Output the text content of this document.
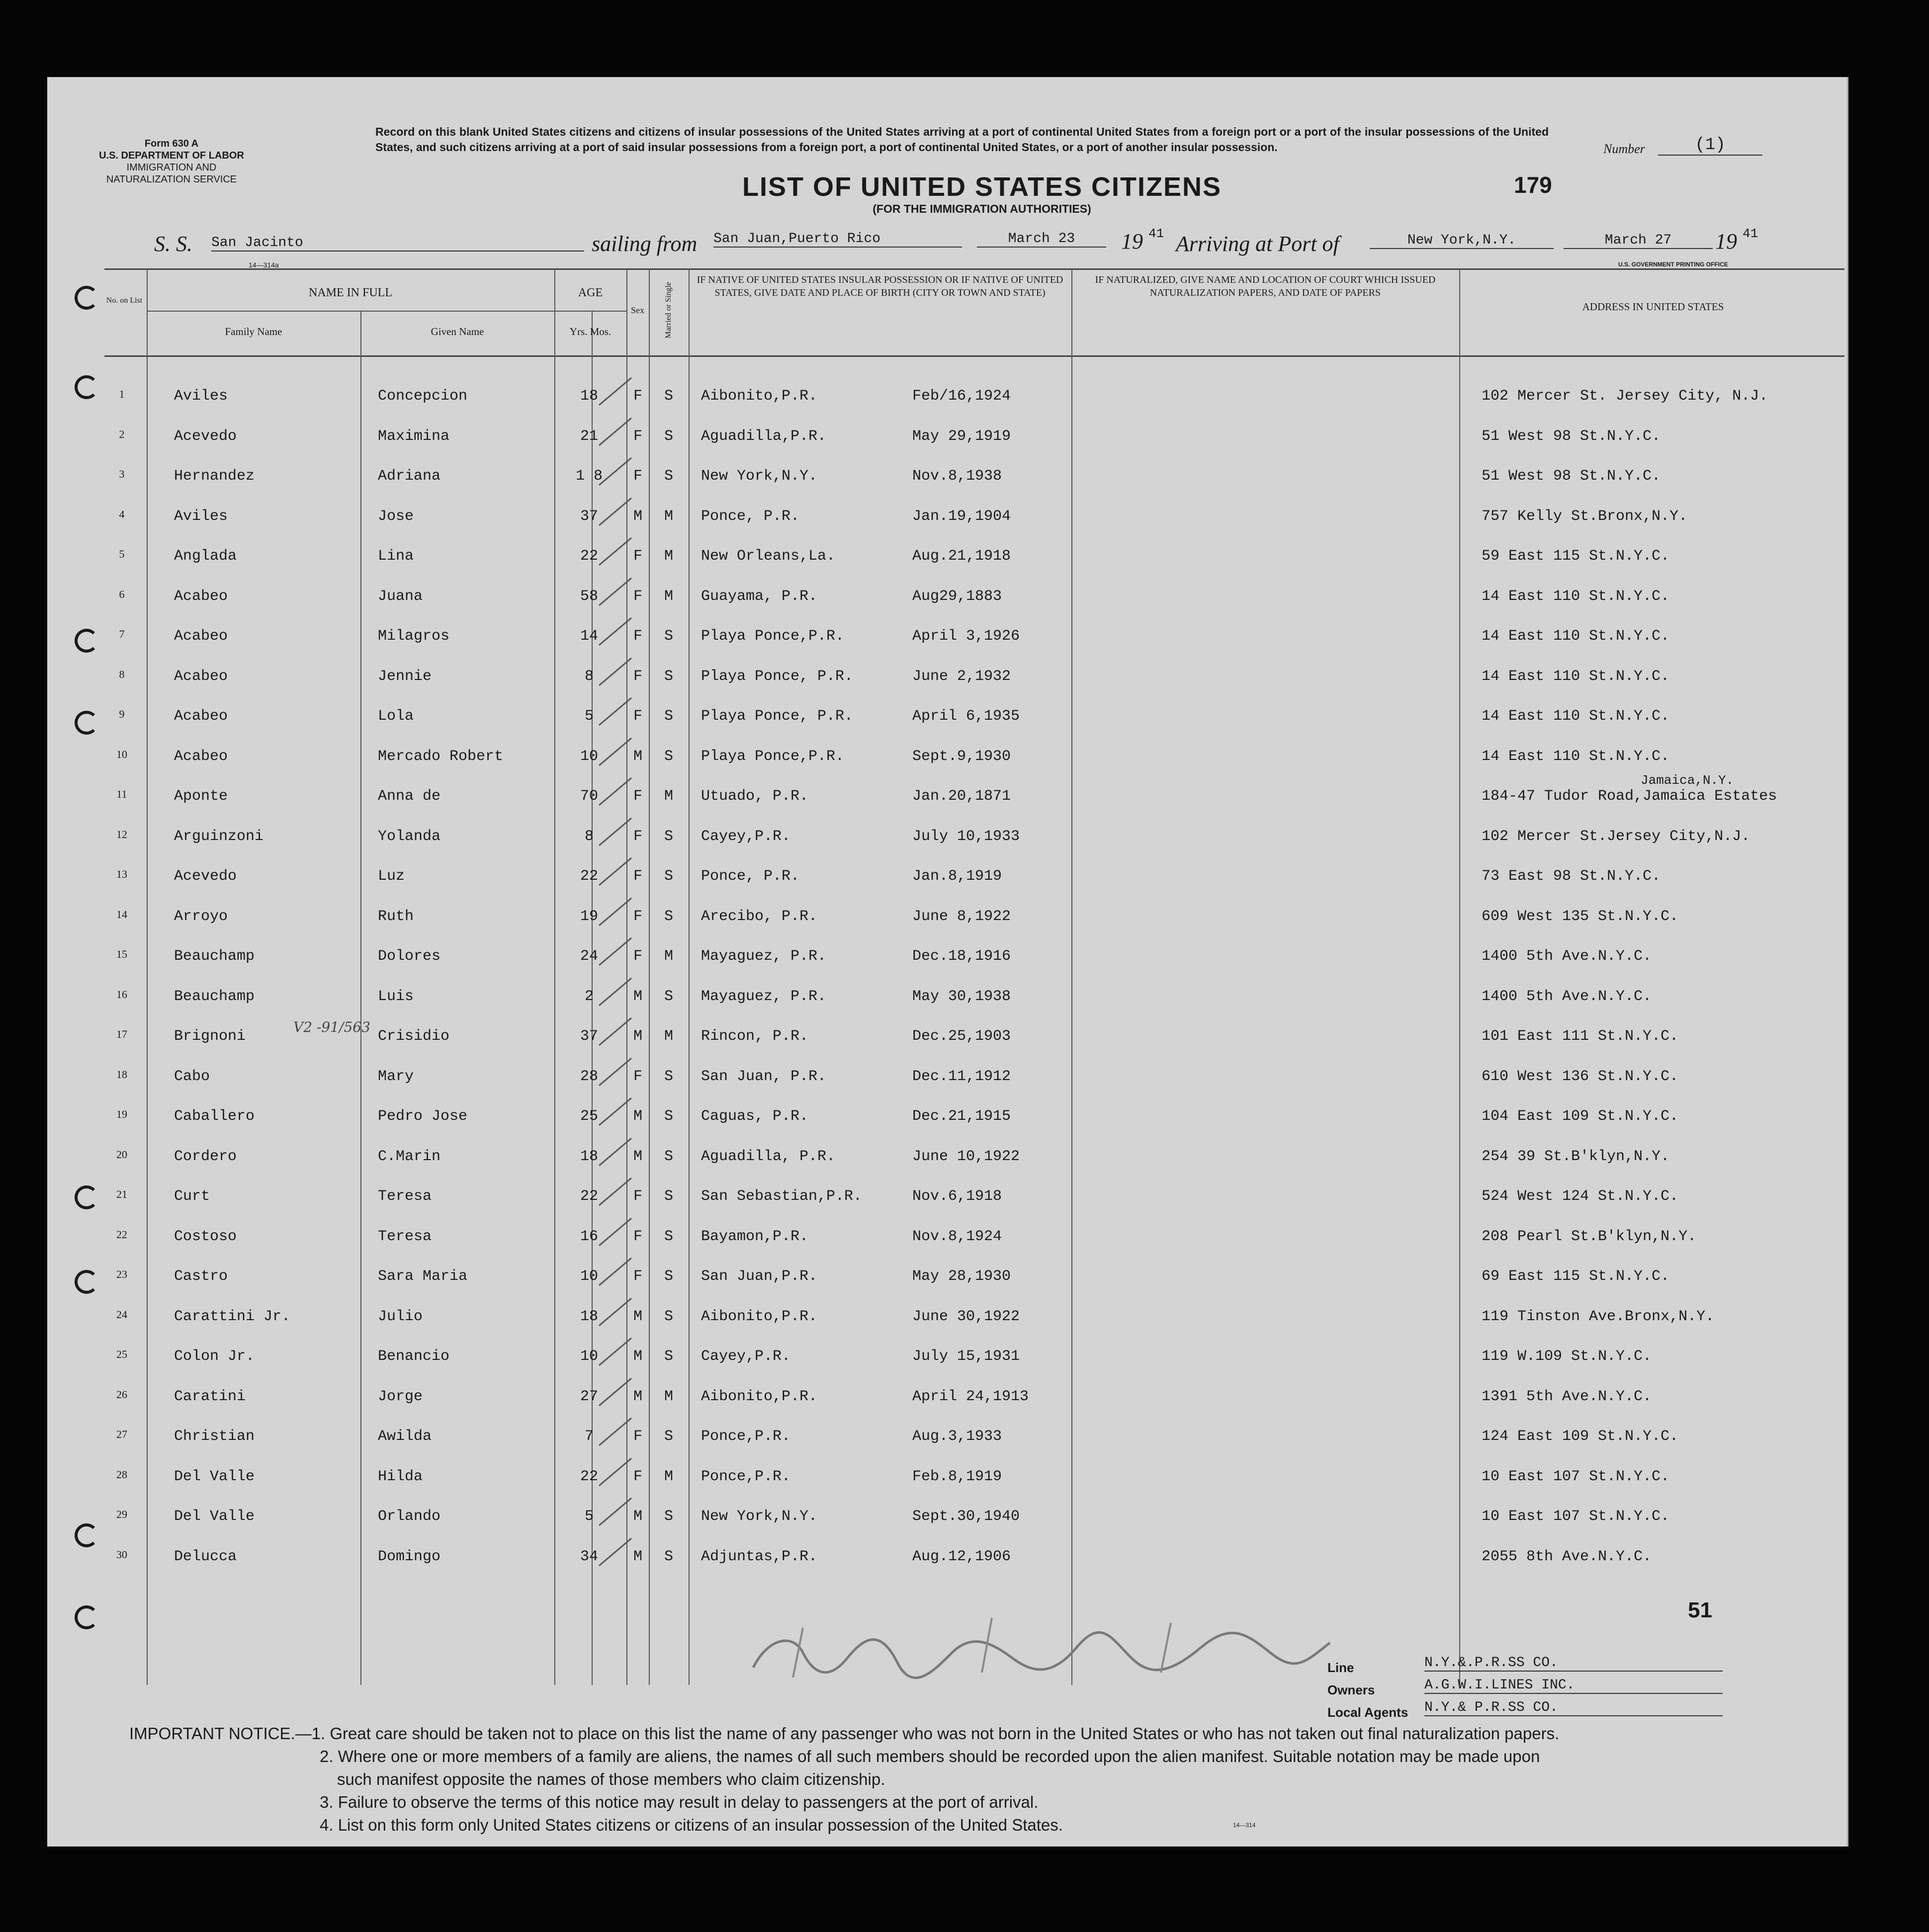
Form 630 A
U.S. DEPARTMENT OF LABOR
IMMIGRATION AND
NATURALIZATION SERVICE
Record on this blank United States citizens and citizens of insular possessions of the United States arriving at a port of continental United States from a foreign port or a port of the insular possessions of the United States, and such citizens arriving at a port of said insular possessions from a foreign port, a port of continental United States, or a port of another insular possession.	Number	(1)
LIST OF UNITED STATES CITIZENS
(FOR THE IMMIGRATION AUTHORITIES)
179
S. S. San Jacinto	sailing from San Juan,Puerto Rico	March 23	19 41 Arriving at Port of	New York,N.Y.	March 27	19 41
14—314a	U.S. GOVERNMENT PRINTING OFFICE
No. on List
NAME IN FULL
Family Name	Given Name
AGE
Yrs. Mos.
Sex	Married or Single
IF NATIVE OF UNITED STATES INSULAR POSSESSION OR IF NATIVE OF UNITED STATES, GIVE DATE AND PLACE OF BIRTH (CITY OR TOWN AND STATE)
IF NATURALIZED, GIVE NAME AND LOCATION OF COURT WHICH ISSUED NATURALIZATION PAPERS, AND DATE OF PAPERS
ADDRESS IN UNITED STATES
1	Aviles	Concepcion	18	F	S	Aibonito,P.R.	Feb/16,1924	102 Mercer St. Jersey City, N.J.
2	Acevedo	Maximina	21	F	S	Aguadilla,P.R.	May 29,1919	51 West 98 St.N.Y.C.
3	Hernandez	Adriana	1 8	F	S	New York,N.Y.	Nov.8,1938	51 West 98 St.N.Y.C.
4	Aviles	Jose	37	M	M	Ponce, P.R.	Jan.19,1904	757 Kelly St.Bronx,N.Y.
5	Anglada	Lina	22	F	M	New Orleans,La.	Aug.21,1918	59 East 115 St.N.Y.C.
6	Acabeo	Juana	58	F	M	Guayama, P.R.	Aug29,1883	14 East 110 St.N.Y.C.
7	Acabeo	Milagros	14	F	S	Playa Ponce,P.R.	April 3,1926	14 East 110 St.N.Y.C.
8	Acabeo	Jennie	8	F	S	Playa Ponce, P.R.	June 2,1932	14 East 110 St.N.Y.C.
9	Acabeo	Lola	5	F	S	Playa Ponce, P.R.	April 6,1935	14 East 110 St.N.Y.C.
10	Acabeo	Mercado Robert	10	M	S	Playa Ponce,P.R.	Sept.9,1930	14 East 110 St.N.Y.C.
11	Aponte	Anna de	70	F	M	Utuado, P.R.	Jan.20,1871	184-47 Tudor Road,Jamaica Estates
Jamaica,N.Y.
12	Arguinzoni	Yolanda	8	F	S	Cayey,P.R.	July 10,1933	102 Mercer St.Jersey City,N.J.
13	Acevedo	Luz	22	F	S	Ponce, P.R.	Jan.8,1919	73 East 98 St.N.Y.C.
14	Arroyo	Ruth	19	F	S	Arecibo, P.R.	June 8,1922	609 West 135 St.N.Y.C.
15	Beauchamp	Dolores	24	F	M	Mayaguez, P.R.	Dec.18,1916	1400 5th Ave.N.Y.C.
16	Beauchamp	Luis	2	M	S	Mayaguez, P.R.	May 30,1938	1400 5th Ave.N.Y.C.
17	Brignoni	Crisidio	37	M	M	Rincon, P.R.	Dec.25,1903	101 East 111 St.N.Y.C.
V2 -91/563
18	Cabo	Mary	28	F	S	San Juan, P.R.	Dec.11,1912	610 West 136 St.N.Y.C.
19	Caballero	Pedro Jose	25	M	S	Caguas, P.R.	Dec.21,1915	104 East 109 St.N.Y.C.
20	Cordero	C.Marin	18	M	S	Aguadilla, P.R.	June 10,1922	254 39 St.B'klyn,N.Y.
21	Curt	Teresa	22	F	S	San Sebastian,P.R.	Nov.6,1918	524 West 124 St.N.Y.C.
22	Costoso	Teresa	16	F	S	Bayamon,P.R.	Nov.8,1924	208 Pearl St.B'klyn,N.Y.
23	Castro	Sara Maria	10	F	S	San Juan,P.R.	May 28,1930	69 East 115 St.N.Y.C.
24	Carattini Jr.	Julio	18	M	S	Aibonito,P.R.	June 30,1922	119 Tinston Ave.Bronx,N.Y.
25	Colon Jr.	Benancio	10	M	S	Cayey,P.R.	July 15,1931	119 W.109 St.N.Y.C.
26	Caratini	Jorge	27	M	M	Aibonito,P.R.	April 24,1913	1391 5th Ave.N.Y.C.
27	Christian	Awilda	7	F	S	Ponce,P.R.	Aug.3,1933	124 East 109 St.N.Y.C.
28	Del Valle	Hilda	22	F	M	Ponce,P.R.	Feb.8,1919	10 East 107 St.N.Y.C.
29	Del Valle	Orlando	5	M	S	New York,N.Y.	Sept.30,1940	10 East 107 St.N.Y.C.
30	Delucca	Domingo	34	M	S	Adjuntas,P.R.	Aug.12,1906	2055 8th Ave.N.Y.C.
51
Line	N.Y.&.P.R.SS CO.
Owners	A.G.W.I.LINES INC.
Local Agents N.Y.& P.R.SS CO.
IMPORTANT NOTICE.—1. Great care should be taken not to place on this list the name of any passenger who was not born in the United States or who has not taken out final naturalization papers.
2. Where one or more members of a family are aliens, the names of all such members should be recorded upon the alien manifest. Suitable notation may be made upon
such manifest opposite the names of those members who claim citizenship.
3. Failure to observe the terms of this notice may result in delay to passengers at the port of arrival.
4. List on this form only United States citizens or citizens of an insular possession of the United States.	14—314
